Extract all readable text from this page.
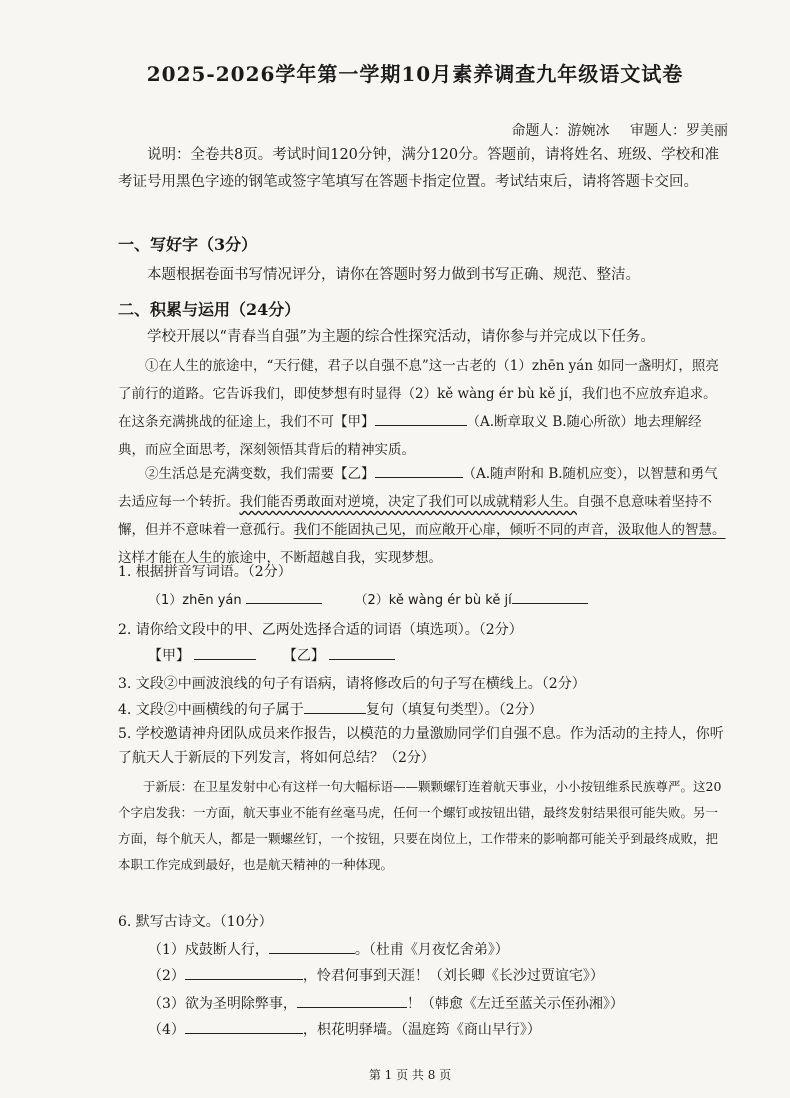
2025-2026学年第一学期10月素养调查九年级语文试卷
命题人：游婉冰 审题人：罗美丽
说明：全卷共8页。考试时间120分钟，满分120分。答题前，请将姓名、班级、学校和准考证号用黑色字迹的钢笔或签字笔填写在答题卡指定位置。考试结束后，请将答题卡交回。
一、写好字（3分）
本题根据卷面书写情况评分，请你在答题时努力做到书写正确、规范、整洁。
二、积累与运用（24分）
学校开展以“青春当自强”为主题的综合性探究活动，请你参与并完成以下任务。
①在人生的旅途中，“天行健，君子以自强不息”这一古老的（1）zhēn yán 如同一盏明灯，照亮了前行的道路。它告诉我们，即使梦想有时显得（2）kě wàng ér bù kě jí，我们也不应放弃追求。在这条充满挑战的征途上，我们不可【甲】	（A.断章取义 B.随心所欲）地去理解经典，而应全面思考，深刻领悟其背后的精神实质。
②生活总是充满变数，我们需要【乙】	（A.随声附和 B.随机应变），以智慧和勇气去适应每一个转折。我们能否勇敢面对逆境，决定了我们可以成就精彩人生。自强不息意味着坚持不懈，但并不意味着一意孤行。我们不能固执己见，而应敞开心扉，倾听不同的声音，汲取他人的智慧。这样才能在人生的旅途中，不断超越自我，实现梦想。
1. 根据拼音写词语。（2分）
（1）zhēn yán	（2）kě wàng ér bù kě jí
2. 请你给文段中的甲、乙两处选择合适的词语（填选项）。（2分）
【甲】	【乙】
3. 文段②中画波浪线的句子有语病，请将修改后的句子写在横线上。（2分）
4. 文段②中画横线的句子属于	复句（填复句类型）。（2分）
5. 学校邀请神舟团队成员来作报告，以模范的力量激励同学们自强不息。作为活动的主持人，你听了航天人于新辰的下列发言，将如何总结？（2分）
于新辰：在卫星发射中心有这样一句大幅标语——颗颗螺钉连着航天事业，小小按钮维系民族尊严。这20个字启发我：一方面，航天事业不能有丝毫马虎，任何一个螺钉或按钮出错，最终发射结果很可能失败。另一方面，每个航天人，都是一颗螺丝钉，一个按钮，只要在岗位上，工作带来的影响都可能关乎到最终成败，把本职工作完成到最好，也是航天精神的一种体现。
6. 默写古诗文。（10分）
（1）戍鼓断人行，	。（杜甫《月夜忆舍弟》）
（2）	，怜君何事到天涯！（刘长卿《长沙过贾谊宅》）
（3）欲为圣明除弊事，	！（韩愈《左迁至蓝关示侄孙湘》）
（4）	，枳花明驿墙。（温庭筠《商山早行》）
第 1 页 共 8 页
